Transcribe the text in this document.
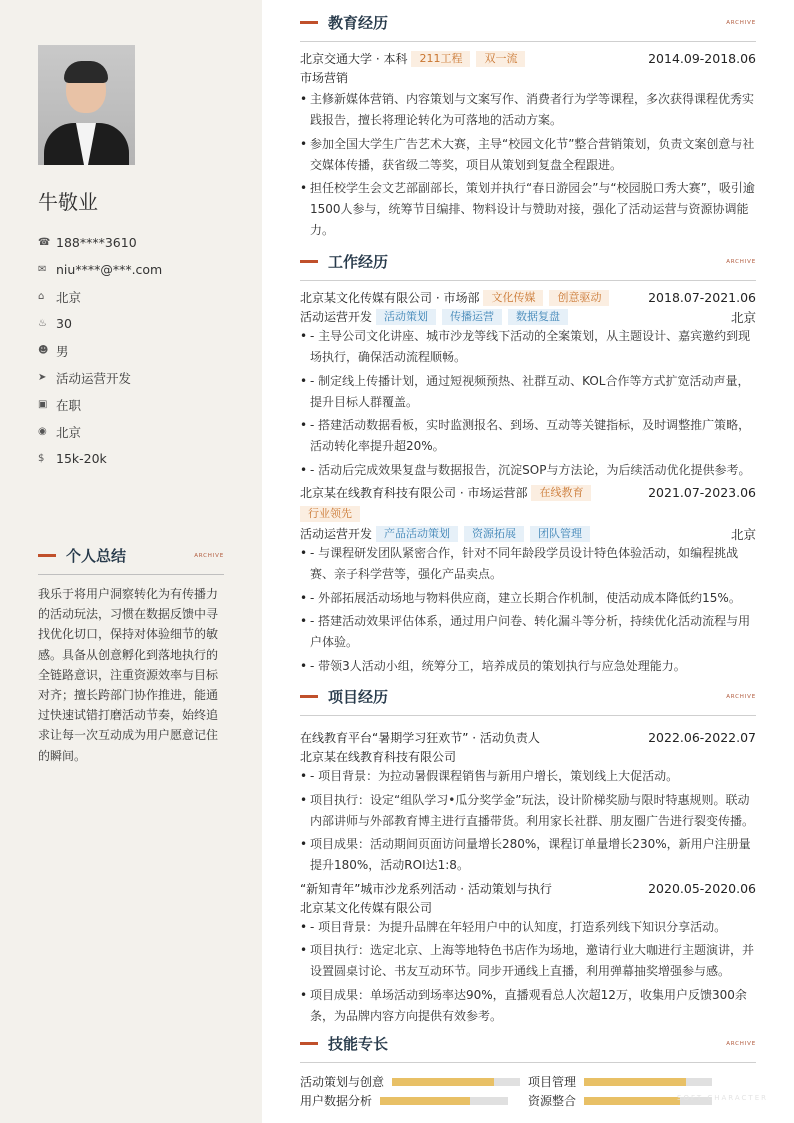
牛敬业
☎ 188****3610
✉ niu****@***.com
⌂ 北京
♨ 30
☻ 男
➤ 活动运营开发
▣ 在职
◉ 北京
$ 15k-20k
个人总结	ARCHIVE
我乐于将用户洞察转化为有传播力的活动玩法，习惯在数据反馈中寻找优化切口，保持对体验细节的敏感。具备从创意孵化到落地执行的全链路意识，注重资源效率与目标对齐；擅长跨部门协作推进，能通过快速试错打磨活动节奏，始终追求让每一次互动成为用户愿意记住的瞬间。
教育经历	ARCHIVE
北京交通大学 · 本科	211工程	双一流	2014.09-2018.06
市场营销
• 主修新媒体营销、内容策划与文案写作、消费者行为学等课程，多次获得课程优秀实践报告，擅长将理论转化为可落地的活动方案。
• 参加全国大学生广告艺术大赛，主导“校园文化节”整合营销策划，负责文案创意与社交媒体传播，获省级二等奖，项目从策划到复盘全程跟进。
• 担任校学生会文艺部副部长，策划并执行“春日游园会”与“校园脱口秀大赛”，吸引逾1500人参与，统筹节目编排、物料设计与赞助对接，强化了活动运营与资源协调能力。
工作经历	ARCHIVE
北京某文化传媒有限公司 · 市场部	文化传媒	创意驱动	2018.07-2021.06
活动运营开发	活动策划	传播运营	数据复盘	北京
• - 主导公司文化讲座、城市沙龙等线下活动的全案策划，从主题设计、嘉宾邀约到现场执行，确保活动流程顺畅。
• - 制定线上传播计划，通过短视频预热、社群互动、KOL合作等方式扩宽活动声量，提升目标人群覆盖。
• - 搭建活动数据看板，实时监测报名、到场、互动等关键指标，及时调整推广策略，活动转化率提升超20%。
• - 活动后完成效果复盘与数据报告，沉淀SOP与方法论，为后续活动优化提供参考。
北京某在线教育科技有限公司 · 市场运营部	在线教育	2021.07-2023.06
行业领先
活动运营开发	产品活动策划	资源拓展	团队管理	北京
• - 与课程研发团队紧密合作，针对不同年龄段学员设计特色体验活动，如编程挑战赛、亲子科学营等，强化产品卖点。
• - 外部拓展活动场地与物料供应商，建立长期合作机制，使活动成本降低约15%。
• - 搭建活动效果评估体系，通过用户问卷、转化漏斗等分析，持续优化活动流程与用户体验。
• - 带领3人活动小组，统筹分工，培养成员的策划执行与应急处理能力。
项目经历	ARCHIVE
在线教育平台“暑期学习狂欢节” · 活动负责人	2022.06-2022.07
北京某在线教育科技有限公司
• - 项目背景：为拉动暑假课程销售与新用户增长，策划线上大促活动。
• 项目执行：设定“组队学习•瓜分奖学金”玩法，设计阶梯奖励与限时特惠规则。联动内部讲师与外部教育博主进行直播带货。利用家长社群、朋友圈广告进行裂变传播。
• 项目成果：活动期间页面访问量增长280%，课程订单量增长230%，新用户注册量提升180%，活动ROI达1:8。
“新知青年”城市沙龙系列活动 · 活动策划与执行	2020.05-2020.06
北京某文化传媒有限公司
• - 项目背景：为提升品牌在年轻用户中的认知度，打造系列线下知识分享活动。
• 项目执行：选定北京、上海等地特色书店作为场地，邀请行业大咖进行主题演讲，并设置圆桌讨论、书友互动环节。同步开通线上直播，利用弹幕抽奖增强参与感。
• 项目成果：单场活动到场率达90%，直播观看总人次超12万，收集用户反馈300余条，为品牌内容方向提供有效参考。
技能专长	ARCHIVE
活动策划与创意	项目管理
用户数据分析	资源整合	SOFT CHARACTER
